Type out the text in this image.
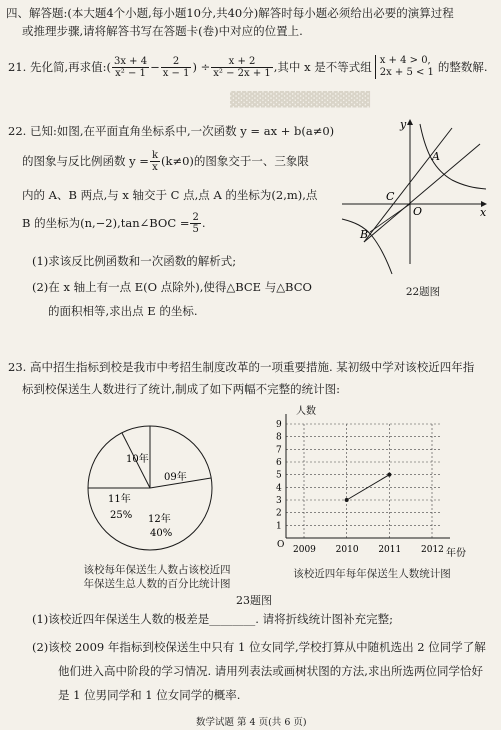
▓▓▓▓▓▓▓▓▓▓▓▓▓
四、解答题:(本大题4个小题,每小题10分,共40分)解答时每小题必须给出必要的演算过程
或推理步骤,请将解答书写在答题卡(卷)中对应的位置上.
21. 先化简,再求值: ( $\frac{3x + 4}{\text{x² − 1}} - \frac{2}{x - 1}$ ) ÷ $\frac{x + 2}{\text{x² − 2x + 1}}$ ,其中 x 是不等式组 x + 4 > 0,
2x + 5 < 1 的整数解.
22. 已知:如图,在平面直角坐标系中,一次函数 y = ax + b(a≠0)
的图象与反比例函数 $y = \frac{k}{x} (k\ne 0)$的图象交于一、三象限
内的 A、B 两点,与 x 轴交于 C 点,点 A 的坐标为(2,m),点
B 的坐标为(n,−2),tan∠BOC = $\frac{2}{5}$ .
(1)求该反比例函数和一次函数的解析式;
(2)在 x 轴上有一点 E(O 点除外),使得△BCE 与△BCO
的面积相等,求出点 E 的坐标.
y
x
A
B
C
O
22题图
23. 高中招生指标到校是我市中考招生制度改革的一项重要措施. 某初级中学对该校近四年指
标到校保送生人数进行了统计,制成了如下两幅不完整的统计图:
10年
09年
11年
25% 12年
40%
该校每年保送生人数占该校近四
年保送生总人数的百分比统计图
人数
年份
1
2
3
4
5
6
7
8
9
2009 2010 2011 2012
O
该校近四年每年保送生人数统计图
23题图
(1)该校近四年保送生人数的极差是________. 请将折线统计图补充完整;
(2)该校 2009 年指标到校保送生中只有 1 位女同学,学校打算从中随机选出 2 位同学了解
他们进入高中阶段的学习情况. 请用列表法或画树状图的方法,求出所选两位同学恰好
是 1 位男同学和 1 位女同学的概率.
数学试题 第 4 页(共 6 页)
